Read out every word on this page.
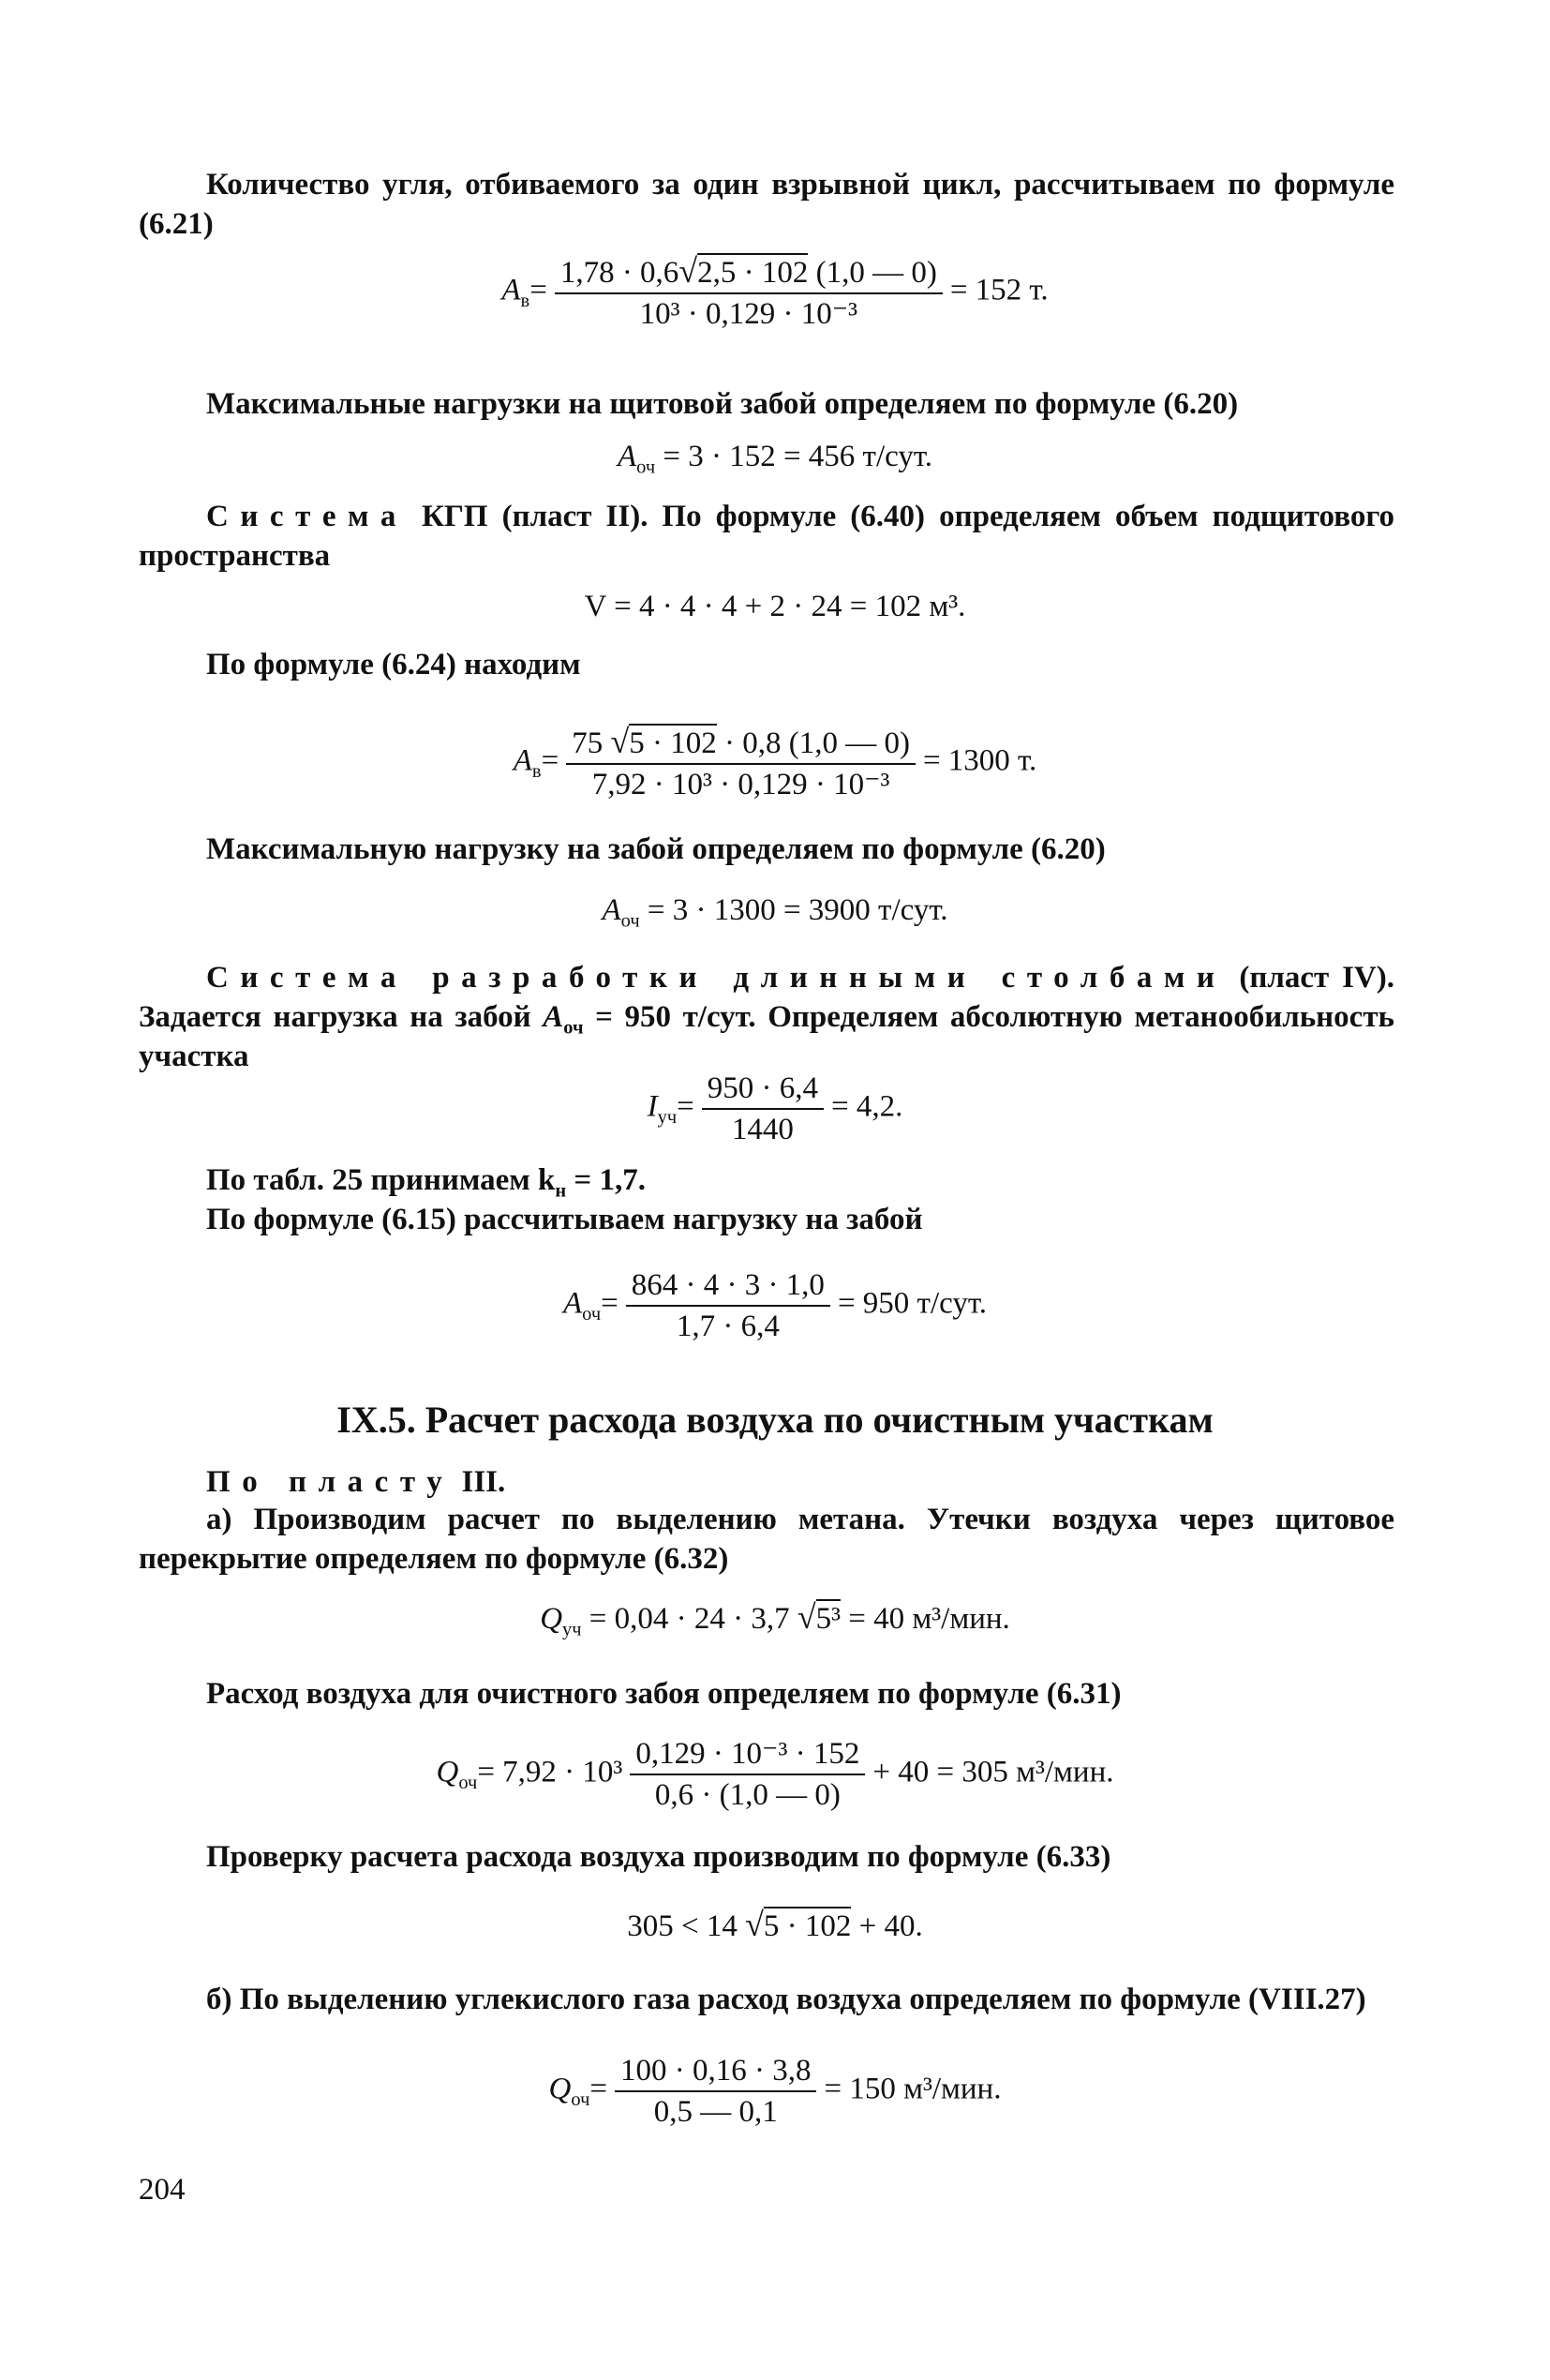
Количество угля, отбиваемого за один взрывной цикл, рассчитываем по формуле (6.21)
$А_в= \frac{1,78 \cdot 0,6√2,5 \cdot 102 (1,0 — 0)}{\text{10³ · 0,129 · 10⁻³}} = 152$ т.
Максимальные нагрузки на щитовой забой определяем по формуле (6.20)
$А_{оч} = 3 \cdot 152 = 456$ т/сут.
Система КГП (пласт II). По формуле (6.40) определяем объем подщитового пространства
V = 4 · 4 · 4 + 2 · 24 = 102 м³.
По формуле (6.24) находим
$А_в= \frac{75 √5 \cdot 102 \cdot 0,8 (1,0 — 0)}{\text{7,92 · 10³ · 0,129 · 10⁻³}} = 1300$ т.
Максимальную нагрузку на забой определяем по формуле (6.20)
$А_{оч} = 3 \cdot 1300 = 3900$ т/сут.
Система разработки длинными столбами (пласт IV). Задается нагрузка на забой $А_{оч} = 950$ т/сут. Определяем абсолютную метанообильность участка
$I_{уч}= \frac{950 \cdot 6,4}{1440} = 4,2$.
По табл. 25 принимаем $k_н = 1,7$.
По формуле (6.15) рассчитываем нагрузку на забой
$А_{оч}= \frac{864 \cdot 4 \cdot 3 \cdot 1,0}{1,7 \cdot 6,4} = 950$ т/сут.
IX.5. Расчет расхода воздуха по очистным участкам
По пласту III.
а) Производим расчет по выделению метана. Утечки воздуха через щитовое перекрытие определяем по формуле (6.32)
$Q_{уч} = 0,04 \cdot 24 \cdot 3,7$ √5³ = 40 м³/мин.
Расход воздуха для очистного забоя определяем по формуле (6.31)
$Q_{оч}= 7,92 \cdot 10^3 \frac{\text{0,129 · 10⁻³ · 152}}{0,6 \cdot (1,0 — 0)} + 40 = 305$ м³/мин.
Проверку расчета расхода воздуха производим по формуле (6.33)
305 < 14 √5 · 102 + 40.
б) По выделению углекислого газа расход воздуха определяем по формуле (VIII.27)
$Q_{оч}= \frac{100 \cdot 0,16 \cdot 3,8}{0,5 — 0,1} = 150$ м³/мин.
204
